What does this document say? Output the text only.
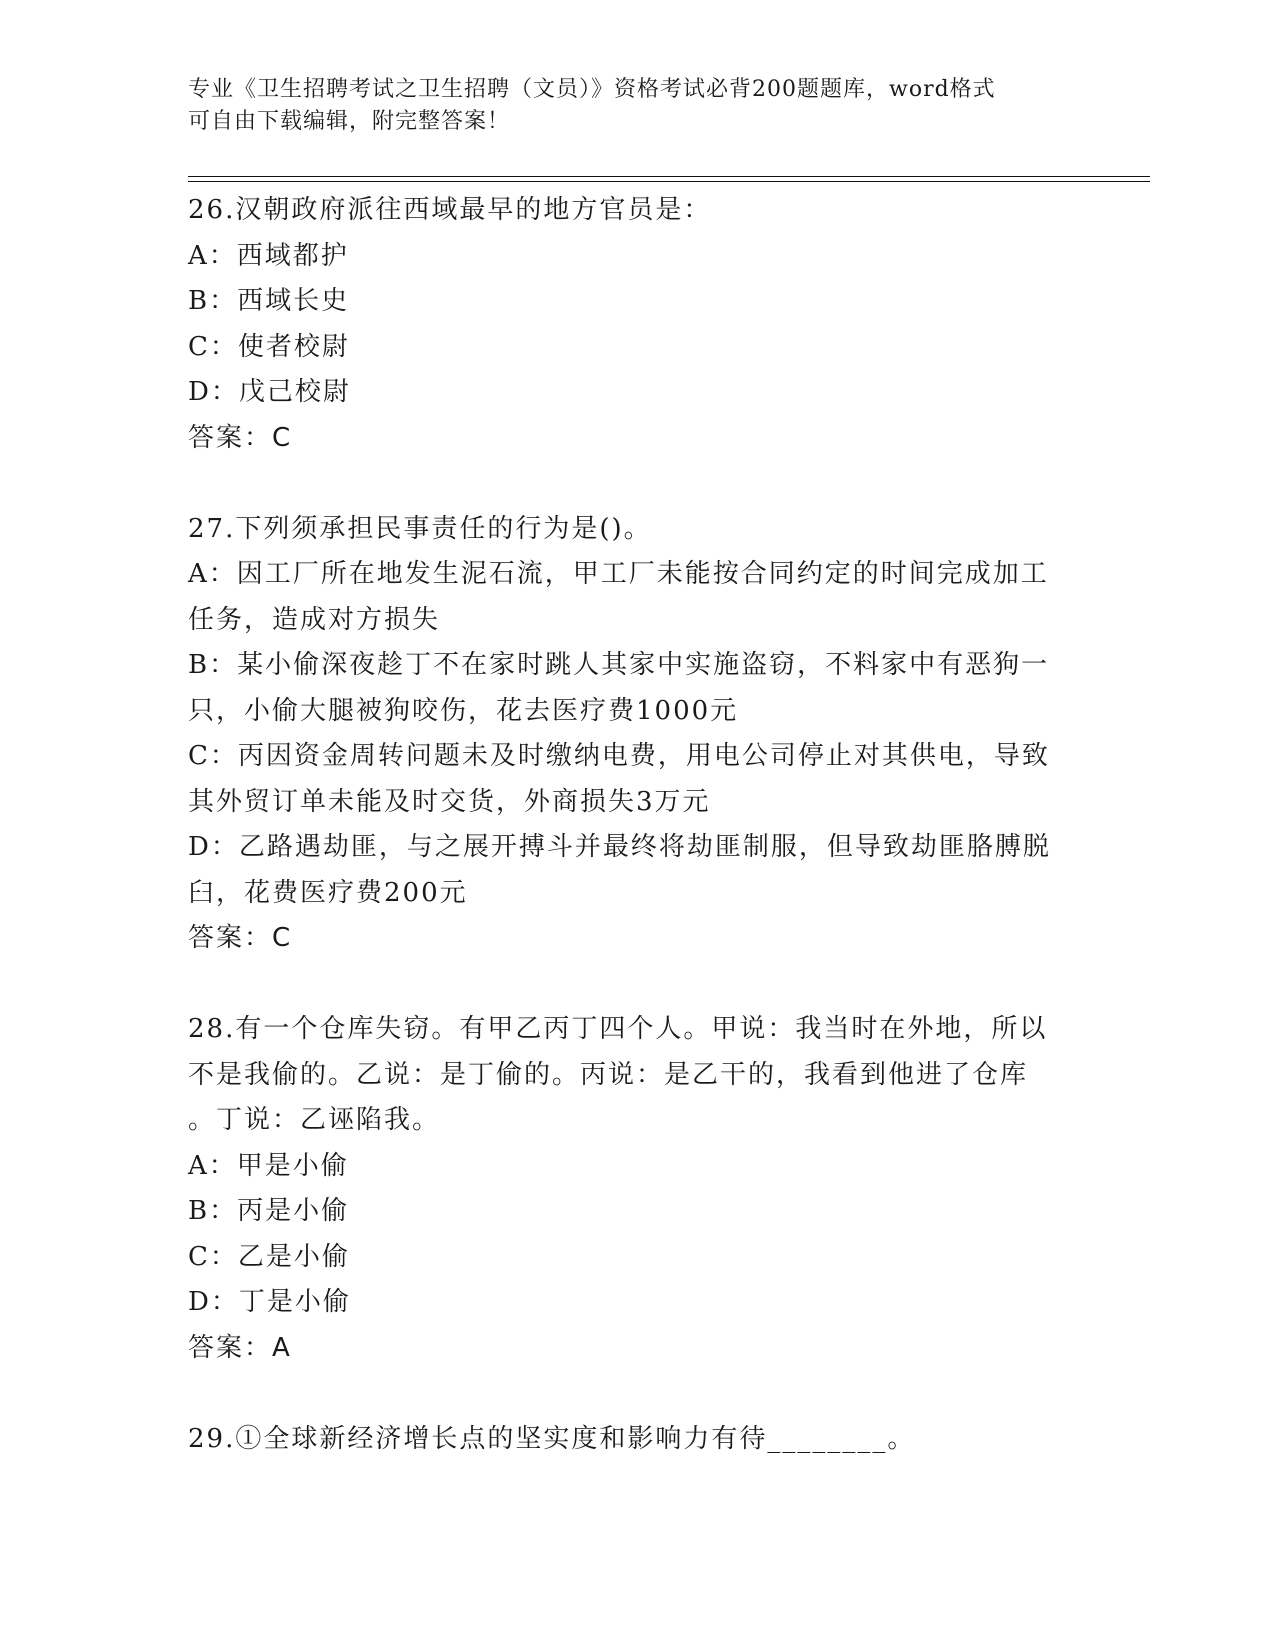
专业《卫生招聘考试之卫生招聘（文员）》资格考试必背200题题库，word格式
可自由下载编辑，附完整答案！
26.汉朝政府派往西域最早的地方官员是：
A：西域都护
B：西域长史
C：使者校尉
D：戊己校尉
答案：C
27.下列须承担民事责任的行为是()。
A：因工厂所在地发生泥石流，甲工厂未能按合同约定的时间完成加工
任务，造成对方损失
B：某小偷深夜趁丁不在家时跳人其家中实施盗窃，不料家中有恶狗一
只，小偷大腿被狗咬伤，花去医疗费1000元
C：丙因资金周转问题未及时缴纳电费，用电公司停止对其供电，导致
其外贸订单未能及时交货，外商损失3万元
D：乙路遇劫匪，与之展开搏斗并最终将劫匪制服，但导致劫匪胳膊脱
臼，花费医疗费200元
答案：C
28.有一个仓库失窃。有甲乙丙丁四个人。甲说：我当时在外地，所以
不是我偷的。乙说：是丁偷的。丙说：是乙干的，我看到他进了仓库
。丁说：乙诬陷我。
A：甲是小偷
B：丙是小偷
C：乙是小偷
D：丁是小偷
答案：A
29.①全球新经济增长点的坚实度和影响力有待________。
